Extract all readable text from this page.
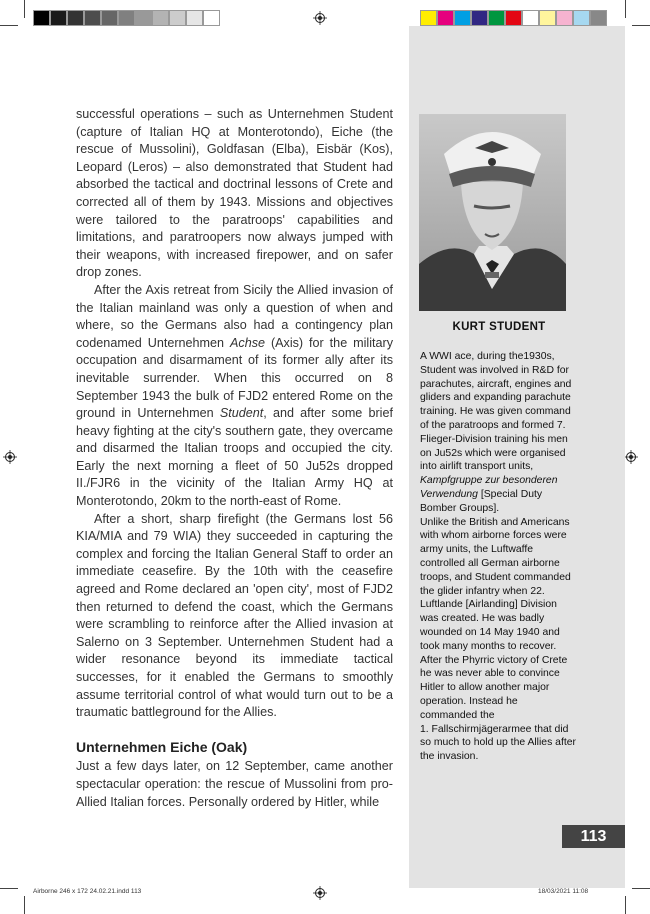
successful operations – such as Unternehmen Student (capture of Italian HQ at Monterotondo), Eiche (the rescue of Mussolini), Goldfasan (Elba), Eisbär (Kos), Leopard (Leros) – also demonstrated that Student had absorbed the tactical and doctrinal lessons of Crete and corrected all of them by 1943. Missions and objectives were tailored to the paratroops' capabilities and limitations, and paratroopers now always jumped with their weapons, with increased firepower, and on safer drop zones.

After the Axis retreat from Sicily the Allied invasion of the Italian mainland was only a question of when and where, so the Germans also had a contingency plan codenamed Unternehmen Achse (Axis) for the military occupation and disarmament of its former ally after its inevitable surrender. When this occurred on 8 September 1943 the bulk of FJD2 entered Rome on the ground in Unternehmen Student, and after some brief heavy fighting at the city's southern gate, they overcame and disarmed the Italian troops and occupied the city. Early the next morning a fleet of 50 Ju52s dropped II./FJR6 in the vicinity of the Italian Army HQ at Monterotondo, 20km to the north-east of Rome.

After a short, sharp firefight (the Germans lost 56 KIA/MIA and 79 WIA) they succeeded in capturing the complex and forcing the Italian General Staff to order an immediate ceasefire. By the 10th with the ceasefire agreed and Rome declared an 'open city', most of FJD2 then returned to defend the coast, which the Germans were scrambling to reinforce after the Allied invasion at Salerno on 3 September. Unternehmen Student had a wider resonance beyond its immediate tactical successes, for it enabled the Germans to smoothly assume territorial control of what would turn out to be a traumatic battleground for the Allies.

Unternehmen Eiche (Oak)

Just a few days later, on 12 September, came another spectacular operation: the rescue of Mussolini from pro-Allied Italian forces. Personally ordered by Hitler, while

KURT STUDENT

A WWI ace, during the1930s, Student was involved in R&D for parachutes, aircraft, engines and gliders and expanding parachute training. He was given command of the paratroops and formed 7. Flieger-Division training his men on Ju52s which were organised into airlift transport units, Kampfgruppe zur besonderen Verwendung [Special Duty Bomber Groups].

Unlike the British and Americans with whom airborne forces were army units, the Luftwaffe controlled all German airborne troops, and Student commanded the glider infantry when 22. Luftlande [Airlanding] Division was created. He was badly wounded on 14 May 1940 and took many months to recover. After the Phyrric victory of Crete he was never able to convince Hitler to allow another major operation. Instead he commanded the

1. Fallschirmjägerarmee that did so much to hold up the Allies after the invasion.

113
Airborne 246 x 172 24.02.21.indd 113	18/03/2021 11:08
